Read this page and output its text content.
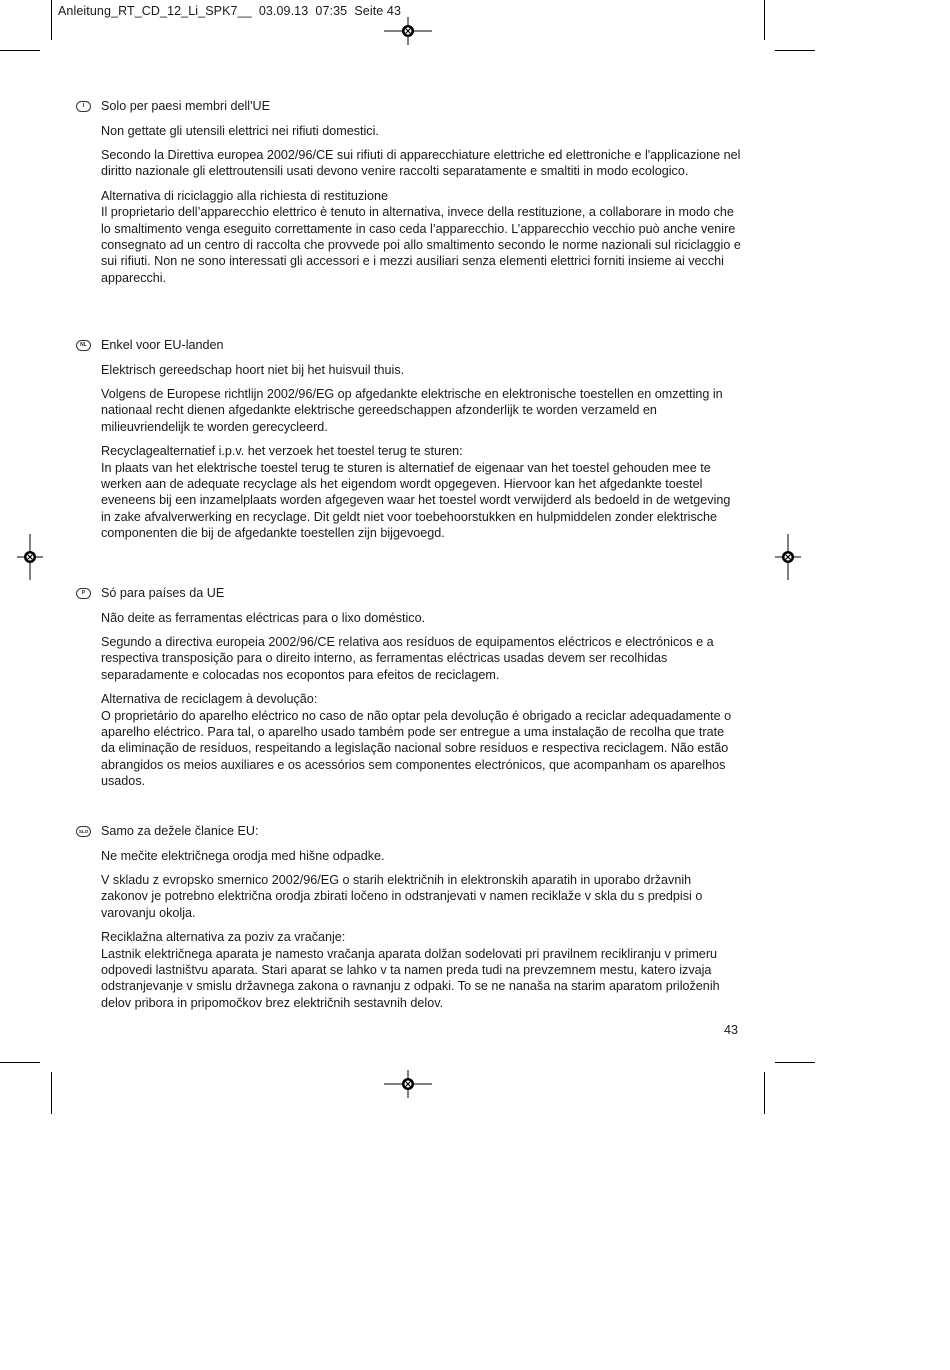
Anleitung_RT_CD_12_Li_SPK7__  03.09.13  07:35  Seite 43
I	Solo per paesi membri dell'UE

Non gettate gli utensili elettrici nei rifiuti domestici.

Secondo la Direttiva europea 2002/96/CE sui rifiuti di apparecchiature elettriche ed elettroniche e l'applicazione nel diritto nazionale gli elettroutensili usati devono venire raccolti separatamente e smaltiti in modo ecologico.

Alternativa di riciclaggio alla richiesta di restituzione

Il proprietario dell’apparecchio elettrico è tenuto in alternativa, invece della restituzione, a collaborare in modo che lo smaltimento venga eseguito correttamente in caso ceda l’apparecchio. L’apparecchio vecchio può anche venire consegnato ad un centro di raccolta che provvede poi allo smaltimento secondo le norme nazionali sul riciclaggio e sui rifiuti. Non ne sono interessati gli accessori e i mezzi ausiliari senza elementi elettrici forniti insieme ai vecchi apparecchi.

NL	Enkel voor EU-landen

Elektrisch gereedschap hoort niet bij het huisvuil thuis.

Volgens de Europese richtlijn 2002/96/EG op afgedankte elektrische en elektronische toestellen en omzetting in nationaal recht dienen afgedankte elektrische gereedschappen afzonderlijk te worden verzameld en milieuvriendelijk te worden gerecycleerd.

Recyclagealternatief i.p.v. het verzoek het toestel terug te sturen:

In plaats van het elektrische toestel terug te sturen is alternatief de eigenaar van het toestel gehouden mee te werken aan de adequate recyclage als het eigendom wordt opgegeven. Hiervoor kan het afgedankte toestel eveneens bij een inzamelplaats worden afgegeven waar het toestel wordt verwijderd als bedoeld in de wetgeving in zake afvalverwerking en recyclage. Dit geldt niet voor toebehoorstukken en hulpmiddelen zonder elektrische componenten die bij de afgedankte toestellen zijn bijgevoegd.

P	Só para países da UE

Não deite as ferramentas eléctricas para o lixo doméstico.

Segundo a directiva europeia 2002/96/CE relativa aos resíduos de equipamentos eléctricos e electrónicos e a respectiva transposição para o direito interno, as ferramentas eléctricas usadas devem ser recolhidas separadamente e colocadas nos ecopontos para efeitos de reciclagem.

Alternativa de reciclagem à devolução:

O proprietário do aparelho eléctrico no caso de não optar pela devolução é obrigado a reciclar adequadamente o aparelho eléctrico. Para tal, o aparelho usado também pode ser entregue a uma instalação de recolha que trate da eliminação de resíduos, respeitando a legislação nacional sobre resíduos e respectiva reciclagem. Não estão abrangidos os meios auxiliares e os acessórios sem componentes electrónicos, que acompanham os aparelhos usados.

SLO Samo za dežele članice EU:

Ne mečite električnega orodja med hišne odpadke.

V skladu z evropsko smernico 2002/96/EG o starih električnih in elektronskih aparatih in uporabo državnih zakonov je potrebno električna orodja zbirati ločeno in odstranjevati v namen reciklaže v skla du s predpisi o varovanju okolja.

Reciklažna alternativa za poziv za vračanje:

Lastnik električnega aparata je namesto vračanja aparata dolžan sodelovati pri pravilnem recikliranju v primeru odpovedi lastništvu aparata. Stari aparat se lahko v ta namen preda tudi na prevzemnem mestu, katero izvaja odstranjevanje v smislu državnega zakona o ravnanju z odpaki. To se ne nanaša na starim aparatom priloženih delov pribora in pripomočkov brez električnih sestavnih delov.

43
